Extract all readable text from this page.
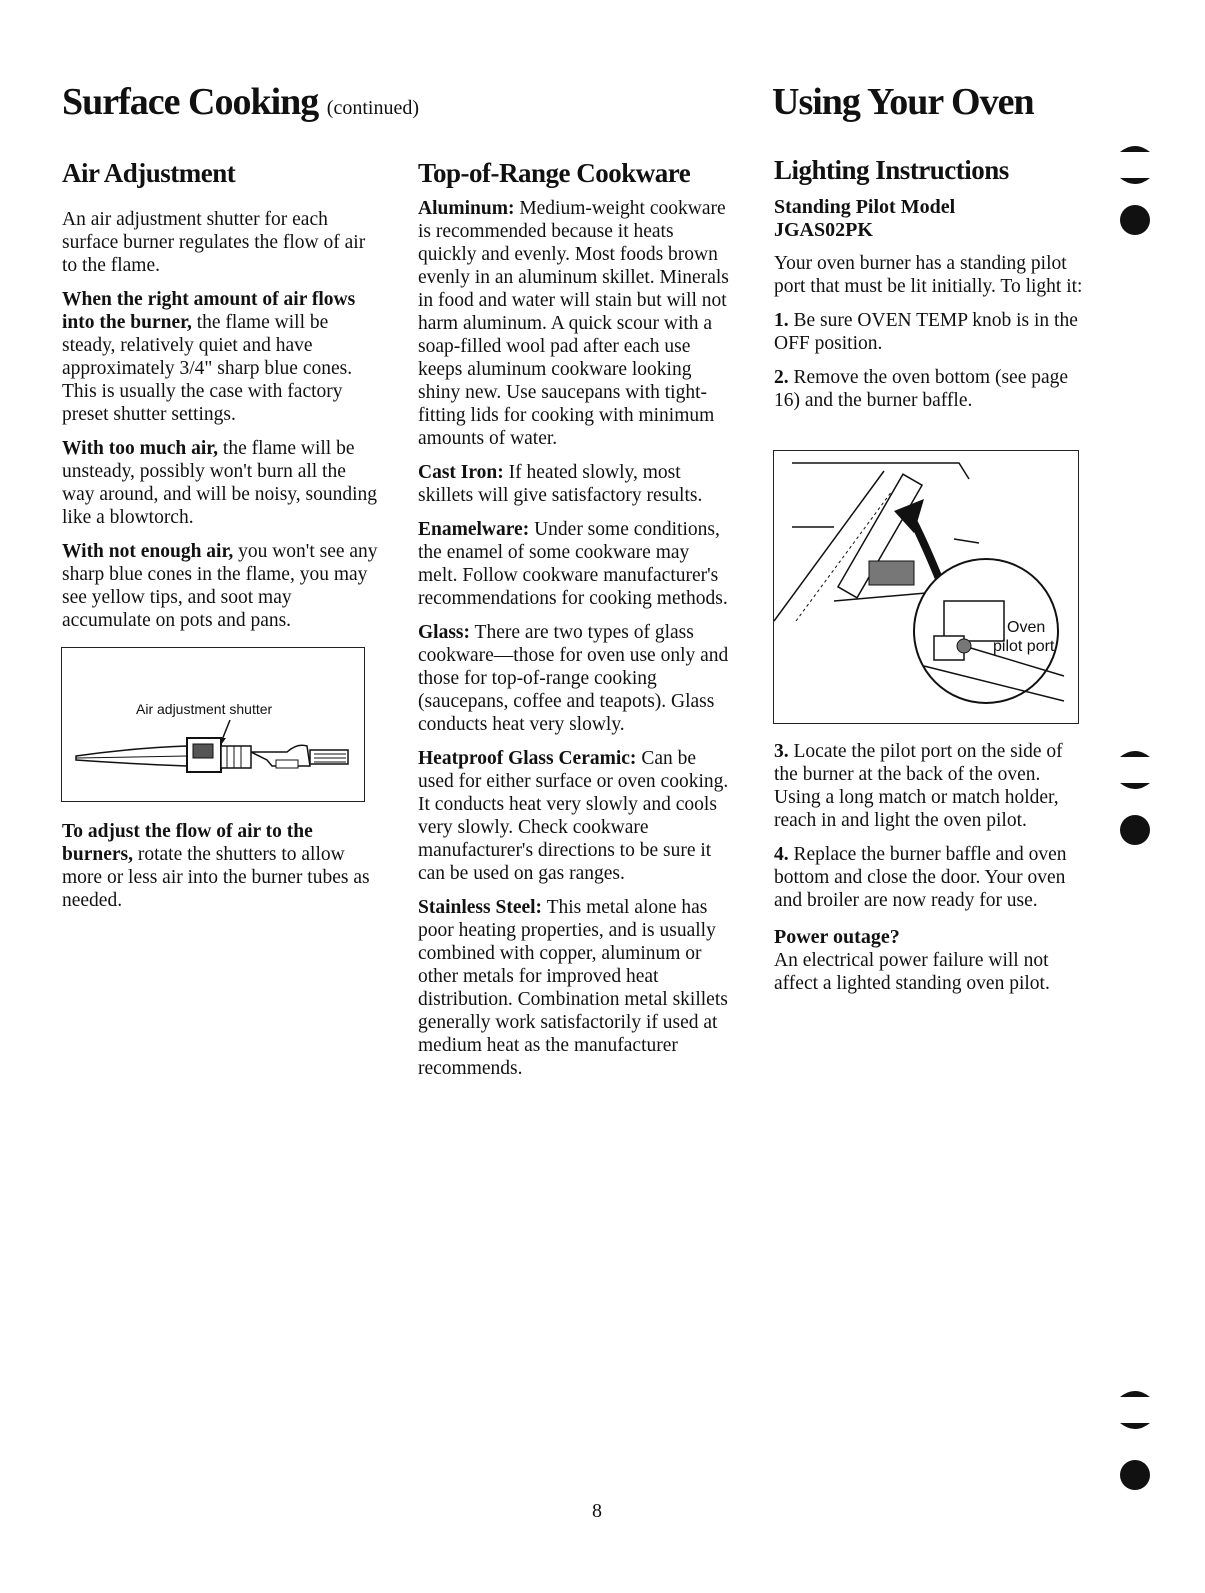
Surface Cooking (continued)	Using Your Oven
Air Adjustment

An air adjustment shutter for each surface burner regulates the flow of air to the flame.

When the right amount of air flows into the burner, the flame will be steady, relatively quiet and have approximately 3/4" sharp blue cones. This is usually the case with factory preset shutter settings.

With too much air, the flame will be unsteady, possibly won't burn all the way around, and will be noisy, sounding like a blowtorch.

With not enough air, you won't see any sharp blue cones in the flame, you may see yellow tips, and soot may accumulate on pots and pans.

Air adjustment shutter

To adjust the flow of air to the burners, rotate the shutters to allow more or less air into the burner tubes as needed.

Top-of-Range Cookware

Aluminum: Medium-weight cookware is recommended because it heats quickly and evenly. Most foods brown evenly in an aluminum skillet. Minerals in food and water will stain but will not harm aluminum. A quick scour with a soap-filled wool pad after each use keeps aluminum cookware looking shiny new. Use saucepans with tight-fitting lids for cooking with minimum amounts of water.

Cast Iron: If heated slowly, most skillets will give satisfactory results.

Enamelware: Under some conditions, the enamel of some cookware may melt. Follow cookware manufacturer's recommendations for cooking methods.

Glass: There are two types of glass cookware—those for oven use only and those for top-of-range cooking (saucepans, coffee and teapots). Glass conducts heat very slowly.

Heatproof Glass Ceramic: Can be used for either surface or oven cooking. It conducts heat very slowly and cools very slowly. Check cookware manufacturer's directions to be sure it can be used on gas ranges.

Stainless Steel: This metal alone has poor heating properties, and is usually combined with copper, aluminum or other metals for improved heat distribution. Combination metal skillets generally work satisfactorily if used at medium heat as the manufacturer recommends.

Lighting Instructions
Standing Pilot Model
JGAS02PK

Your oven burner has a standing pilot port that must be lit initially. To light it:

1. Be sure OVEN TEMP knob is in the OFF position.

2. Remove the oven bottom (see page 16) and the burner baffle.

Oven
pilot port

3. Locate the pilot port on the side of the burner at the back of the oven. Using a long match or match holder, reach in and light the oven pilot.

4. Replace the burner baffle and oven bottom and close the door. Your oven and broiler are now ready for use.

Power outage?

An electrical power failure will not affect a lighted standing oven pilot.

8
